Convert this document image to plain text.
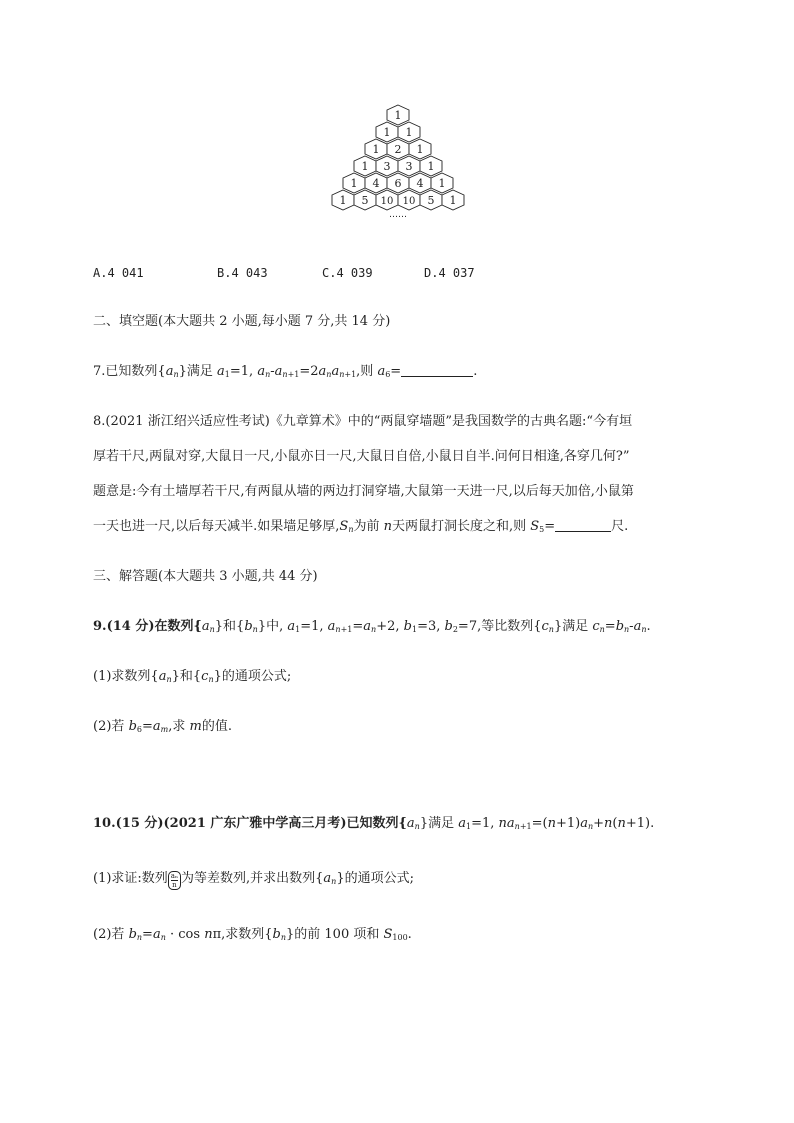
1
1 1
1 2 1
1 3 3 1
1 4 6 4 1
1 5 10 10 5 1
……
A.4 041	B.4 043	C.4 039	D.4 037
二、填空题(本大题共 2 小题,每小题 7 分,共 14 分)
7.已知数列$\{a_n\}$满足 $a_1=1$, $a_n-a_{n+1}=2a_na_{n+1}$,则 $a_6=$	.
8.(2021 浙江绍兴适应性考试)《九章算术》中的“两鼠穿墙题”是我国数学的古典名题:“今有垣
厚若干尺,两鼠对穿,大鼠日一尺,小鼠亦日一尺,大鼠日自倍,小鼠日自半.问何日相逢,各穿几何?”
题意是:今有土墙厚若干尺,有两鼠从墙的两边打洞穿墙,大鼠第一天进一尺,以后每天加倍,小鼠第
一天也进一尺,以后每天减半.如果墙足够厚$,S_n$为前 n天两鼠打洞长度之和,则 $S_5=$	尺.
三、解答题(本大题共 3 小题,共 44 分)
9.(14 分)在数列$\{a_n\}$和$\{b_n\}$中, $a_1=1$, $a_{n+1}=a_n+2$, $b_1=3$, $b_2=7$,等比数列$\{c_n\}$满足 $c_n=b_n-a_n$.
(1)求数列$\{a_n\}$和$\{c_n\}$的通项公式;
(2)若 $b_6=a_m$,求 m的值.
10.(15 分)(2021 广东广雅中学高三月考)已知数列$\{a_n\}$满足 $a_1=1$, $na_{n+1}=(n+1)a_n+n(n+1)$.
(1)求证:数列 $\frac{\text{aₙ}}{n}$ 为等差数列,并求出数列$\{a_n\}$的通项公式;
(2)若 $b_n=a_n \cdot \cos n\pi$,求数列$\{b_n\}$的前 100 项和 $S_{100}$.
